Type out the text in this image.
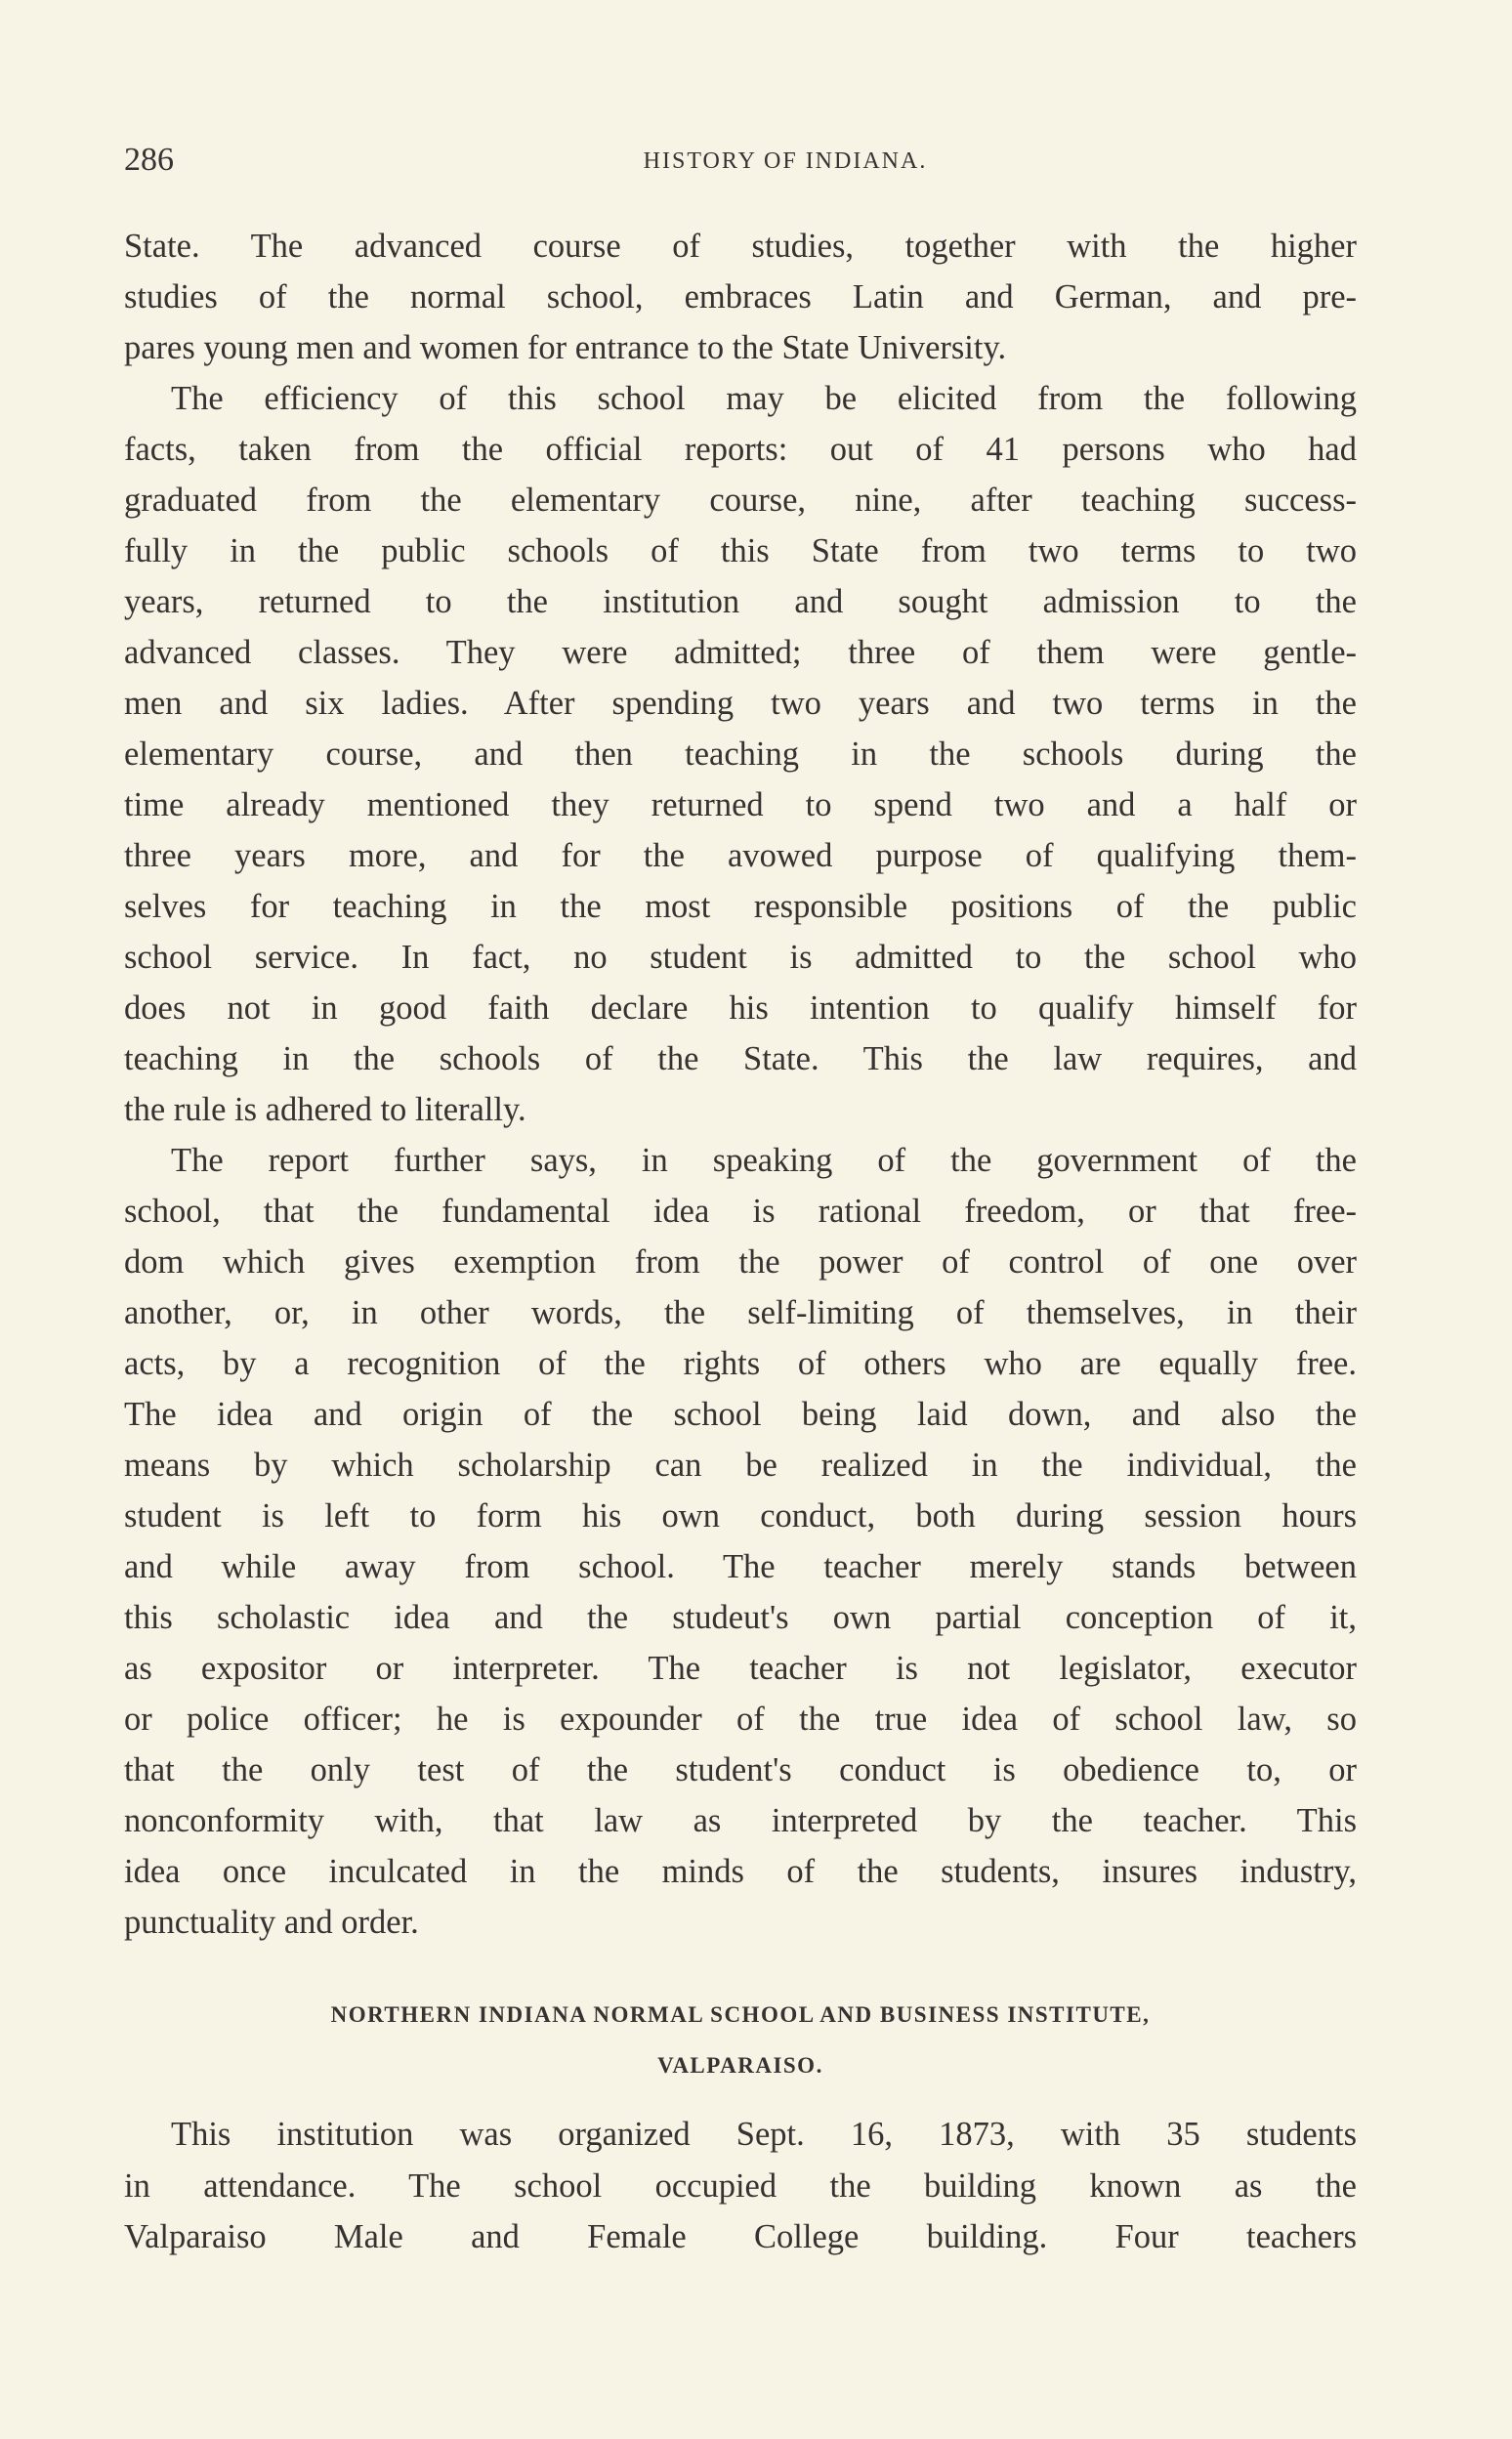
286	HISTORY OF INDIANA.
State. The advanced course of studies, together with the higher
studies of the normal school, embraces Latin and German, and pre-
pares young men and women for entrance to the State University.
The efficiency of this school may be elicited from the following
facts, taken from the official reports: out of 41 persons who had
graduated from the elementary course, nine, after teaching success-
fully in the public schools of this State from two terms to two
years, returned to the institution and sought admission to the
advanced classes. They were admitted; three of them were gentle-
men and six ladies. After spending two years and two terms in the
elementary course, and then teaching in the schools during the
time already mentioned they returned to spend two and a half or
three years more, and for the avowed purpose of qualifying them-
selves for teaching in the most responsible positions of the public
school service. In fact, no student is admitted to the school who
does not in good faith declare his intention to qualify himself for
teaching in the schools of the State. This the law requires, and
the rule is adhered to literally.
The report further says, in speaking of the government of the
school, that the fundamental idea is rational freedom, or that free-
dom which gives exemption from the power of control of one over
another, or, in other words, the self-limiting of themselves, in their
acts, by a recognition of the rights of others who are equally free.
The idea and origin of the school being laid down, and also the
means by which scholarship can be realized in the individual, the
student is left to form his own conduct, both during session hours
and while away from school. The teacher merely stands between
this scholastic idea and the studeut's own partial conception of it,
as expositor or interpreter. The teacher is not legislator, executor
or police officer; he is expounder of the true idea of school law, so
that the only test of the student's conduct is obedience to, or
nonconformity with, that law as interpreted by the teacher. This
idea once inculcated in the minds of the students, insures industry,
punctuality and order.
NORTHERN INDIANA NORMAL SCHOOL AND BUSINESS INSTITUTE,
VALPARAISO.
This institution was organized Sept. 16, 1873, with 35 students
in attendance. The school occupied the building known as the
Valparaiso Male and Female College building. Four teachers
